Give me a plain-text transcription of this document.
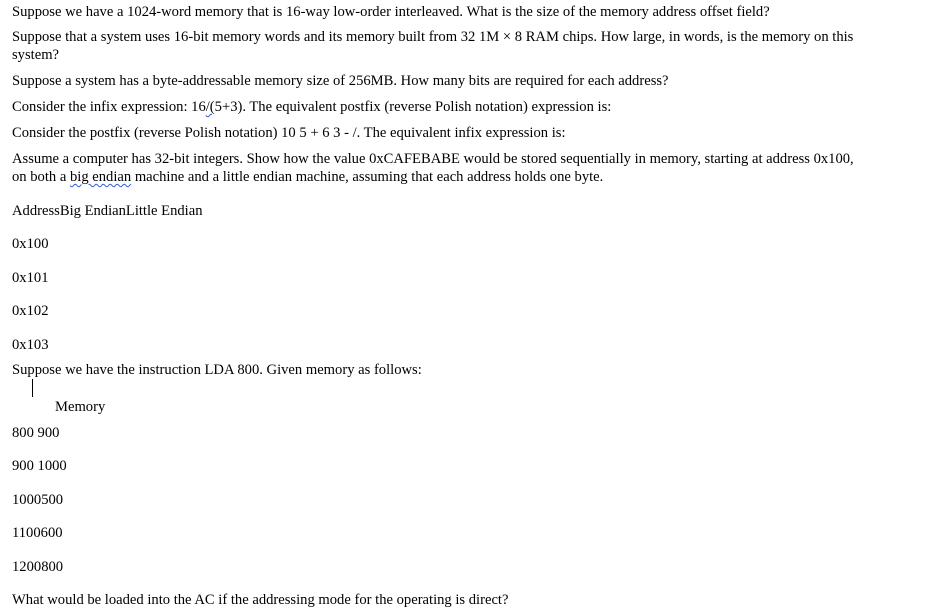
Suppose we have a 1024-word memory that is 16-way low-order interleaved. What is the size of the memory address offset field?
Suppose that a system uses 16-bit memory words and its memory built from 32 1M × 8 RAM chips. How large, in words, is the memory on this
system?
Suppose a system has a byte-addressable memory size of 256MB. How many bits are required for each address?
Consider the infix expression: 16/(5+3). The equivalent postfix (reverse Polish notation) expression is:
Consider the postfix (reverse Polish notation) 10 5 + 6 3 - /. The equivalent infix expression is:
Assume a computer has 32-bit integers. Show how the value 0xCAFEBABE would be stored sequentially in memory, starting at address 0x100,
on both a big endian machine and a little endian machine, assuming that each address holds one byte.
AddressBig EndianLittle Endian
0x100
0x101
0x102
0x103
Suppose we have the instruction LDA 800. Given memory as follows:
Memory
800 900
900 1000
1000500
1100600
1200800
What would be loaded into the AC if the addressing mode for the operating is direct?
